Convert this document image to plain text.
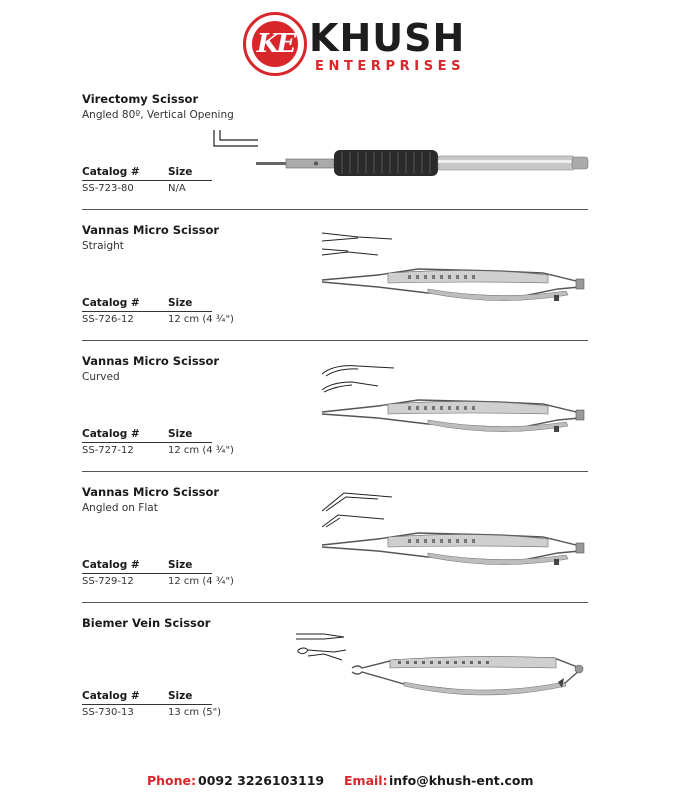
KE KHUSH
ENTERPRISES
Virectomy Scissor
Angled 80º, Vertical Opening
Catalog #	Size
SS-723-80	N/A
Vannas Micro Scissor
Straight
Catalog #	Size
SS-726-12	12 cm (4 ¾")
Vannas Micro Scissor
Curved
Catalog #	Size
SS-727-12	12 cm (4 ¾")
Vannas Micro Scissor
Angled on Flat
Catalog #	Size
SS-729-12	12 cm (4 ¾")
Biemer Vein Scissor
Catalog #	Size
SS-730-13	13 cm (5")
Phone: 0092 3226103119 Email: info@khush-ent.com
